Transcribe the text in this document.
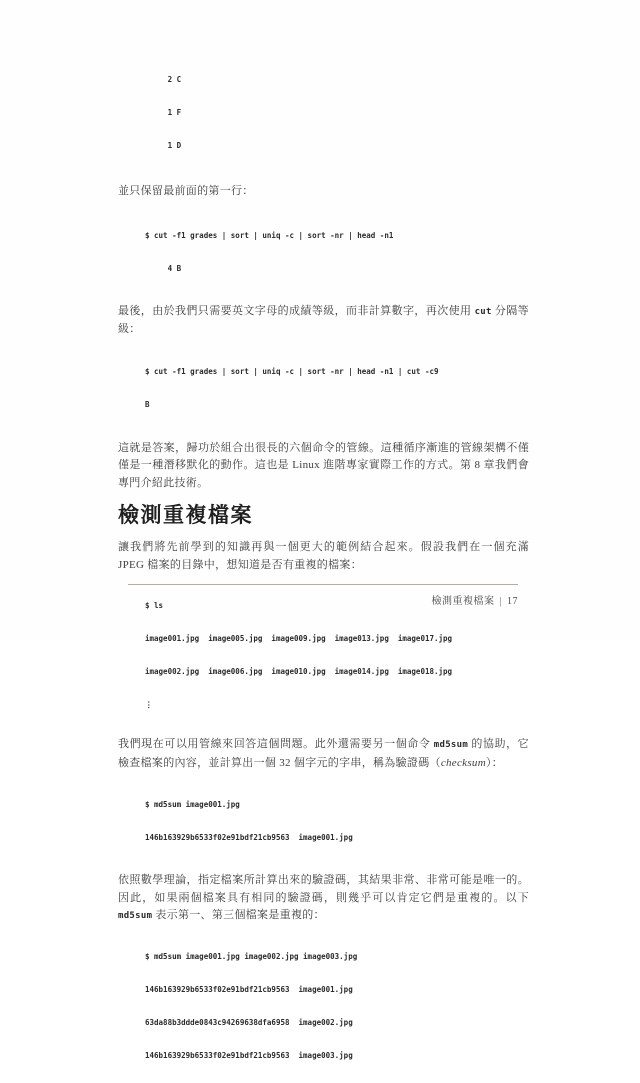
2 C

1 F

1 D

並只保留最前面的第一行：

$ cut -f1 grades | sort | uniq -c | sort -nr | head -n1

4 B

最後，由於我們只需要英文字母的成績等級，而非計算數字，再次使用 cut 分隔等級：

$ cut -f1 grades | sort | uniq -c | sort -nr | head -n1 | cut -c9

B

這就是答案，歸功於組合出很長的六個命令的管線。這種循序漸進的管線架構不僅僅是一種潛移默化的動作。這也是 Linux 進階專家實際工作的方式。第 8 章我們會專門介紹此技術。

檢測重複檔案

讓我們將先前學到的知識再與一個更大的範例結合起來。假設我們在一個充滿 JPEG 檔案的目錄中，想知道是否有重複的檔案：

$ ls

image001.jpg  image005.jpg  image009.jpg  image013.jpg  image017.jpg

image002.jpg  image006.jpg  image010.jpg  image014.jpg  image018.jpg

⋮

我們現在可以用管線來回答這個問題。此外還需要另一個命令 md5sum 的協助，它檢查檔案的內容，並計算出一個 32 個字元的字串，稱為驗證碼（checksum）：

$ md5sum image001.jpg

146b163929b6533f02e91bdf21cb9563  image001.jpg

依照數學理論，指定檔案所計算出來的驗證碼，其結果非常、非常可能是唯一的。因此，如果兩個檔案具有相同的驗證碼，則幾乎可以肯定它們是重複的。以下 md5sum 表示第一、第三個檔案是重複的：

$ md5sum image001.jpg image002.jpg image003.jpg

146b163929b6533f02e91bdf21cb9563  image001.jpg

63da88b3ddde0843c94269638dfa6958  image002.jpg

146b163929b6533f02e91bdf21cb9563  image003.jpg

檢測重複檔案 | 17
